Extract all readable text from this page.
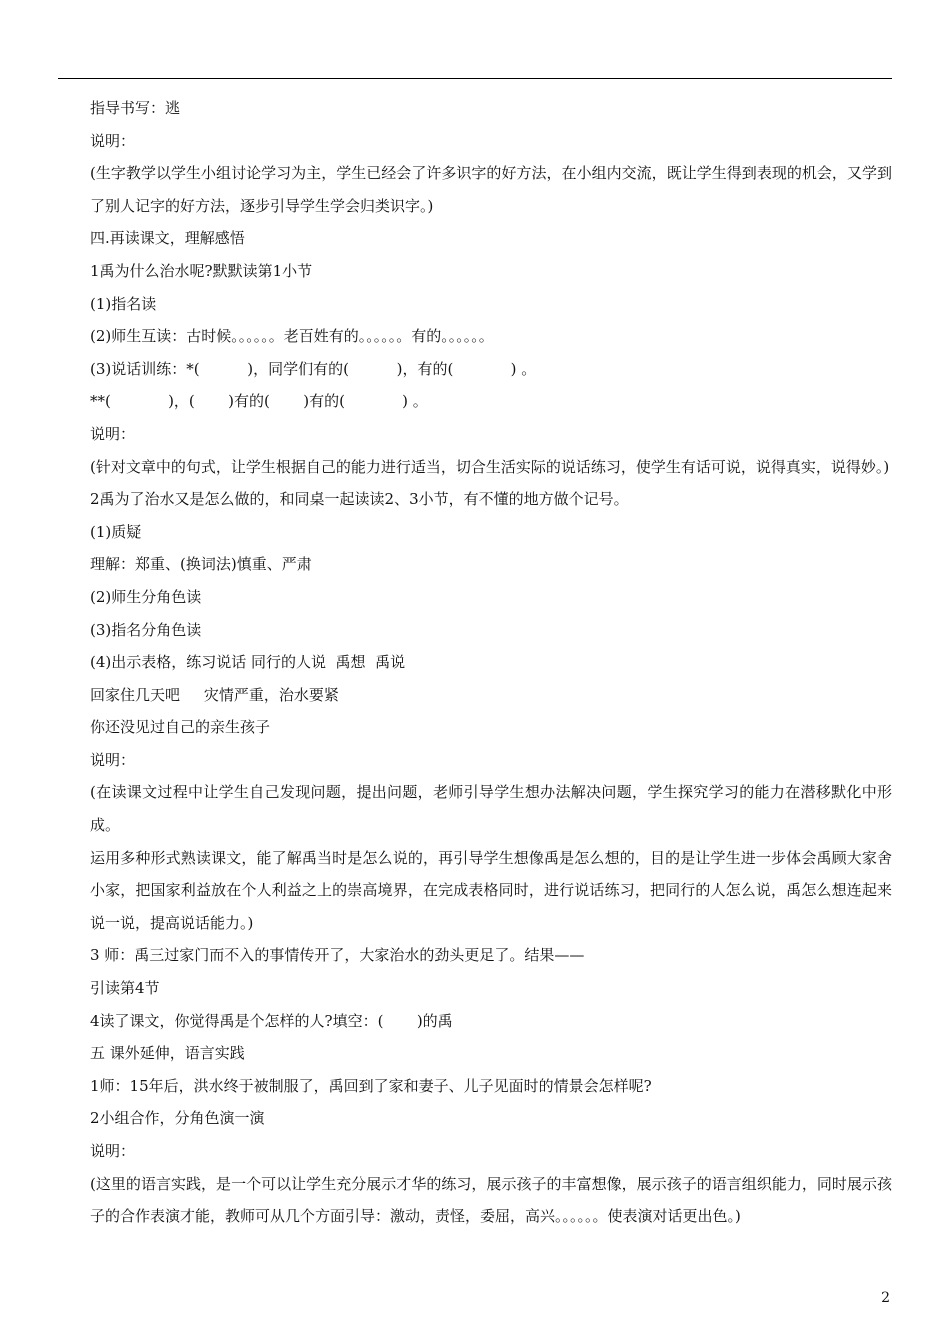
指导书写：逃
说明：
(生字教学以学生小组讨论学习为主，学生已经会了许多识字的好方法，在小组内交流，既让学生得到表现的机会，又学到了别人记字的好方法，逐步引导学生学会归类识字。)
四.再读课文，理解感悟
1禹为什么治水呢?默默读第1小节
(1)指名读
(2)师生互读：古时候。。。。。。老百姓有的。。。。。。有的。。。。。。
(3)说话训练：*(          )，同学们有的(          )，有的(            ) 。
**(            )，(       )有的(       )有的(            ) 。
说明：
(针对文章中的句式，让学生根据自己的能力进行适当，切合生活实际的说话练习，使学生有话可说，说得真实，说得妙。)
2禹为了治水又是怎么做的，和同桌一起读读2、3小节，有不懂的地方做个记号。
(1)质疑
理解：郑重、(换词法)慎重、严肃
(2)师生分角色读
(3)指名分角色读
(4)出示表格，练习说话 同行的人说  禹想  禹说
回家住几天吧     灾情严重，治水要紧
你还没见过自己的亲生孩子
说明：
(在读课文过程中让学生自己发现问题，提出问题，老师引导学生想办法解决问题，学生探究学习的能力在潜移默化中形成。
运用多种形式熟读课文，能了解禹当时是怎么说的，再引导学生想像禹是怎么想的，目的是让学生进一步体会禹顾大家舍小家，把国家利益放在个人利益之上的崇高境界，在完成表格同时，进行说话练习，把同行的人怎么说，禹怎么想连起来说一说，提高说话能力。)
3 师：禹三过家门而不入的事情传开了，大家治水的劲头更足了。结果——
引读第4节
4读了课文，你觉得禹是个怎样的人?填空：(       )的禹
五 课外延伸，语言实践
1师：15年后，洪水终于被制服了，禹回到了家和妻子、儿子见面时的情景会怎样呢?
2小组合作，分角色演一演
说明：
(这里的语言实践，是一个可以让学生充分展示才华的练习，展示孩子的丰富想像，展示孩子的语言组织能力，同时展示孩子的合作表演才能，教师可从几个方面引导：激动，责怪，委屈，高兴。。。。。。使表演对话更出色。)
2
